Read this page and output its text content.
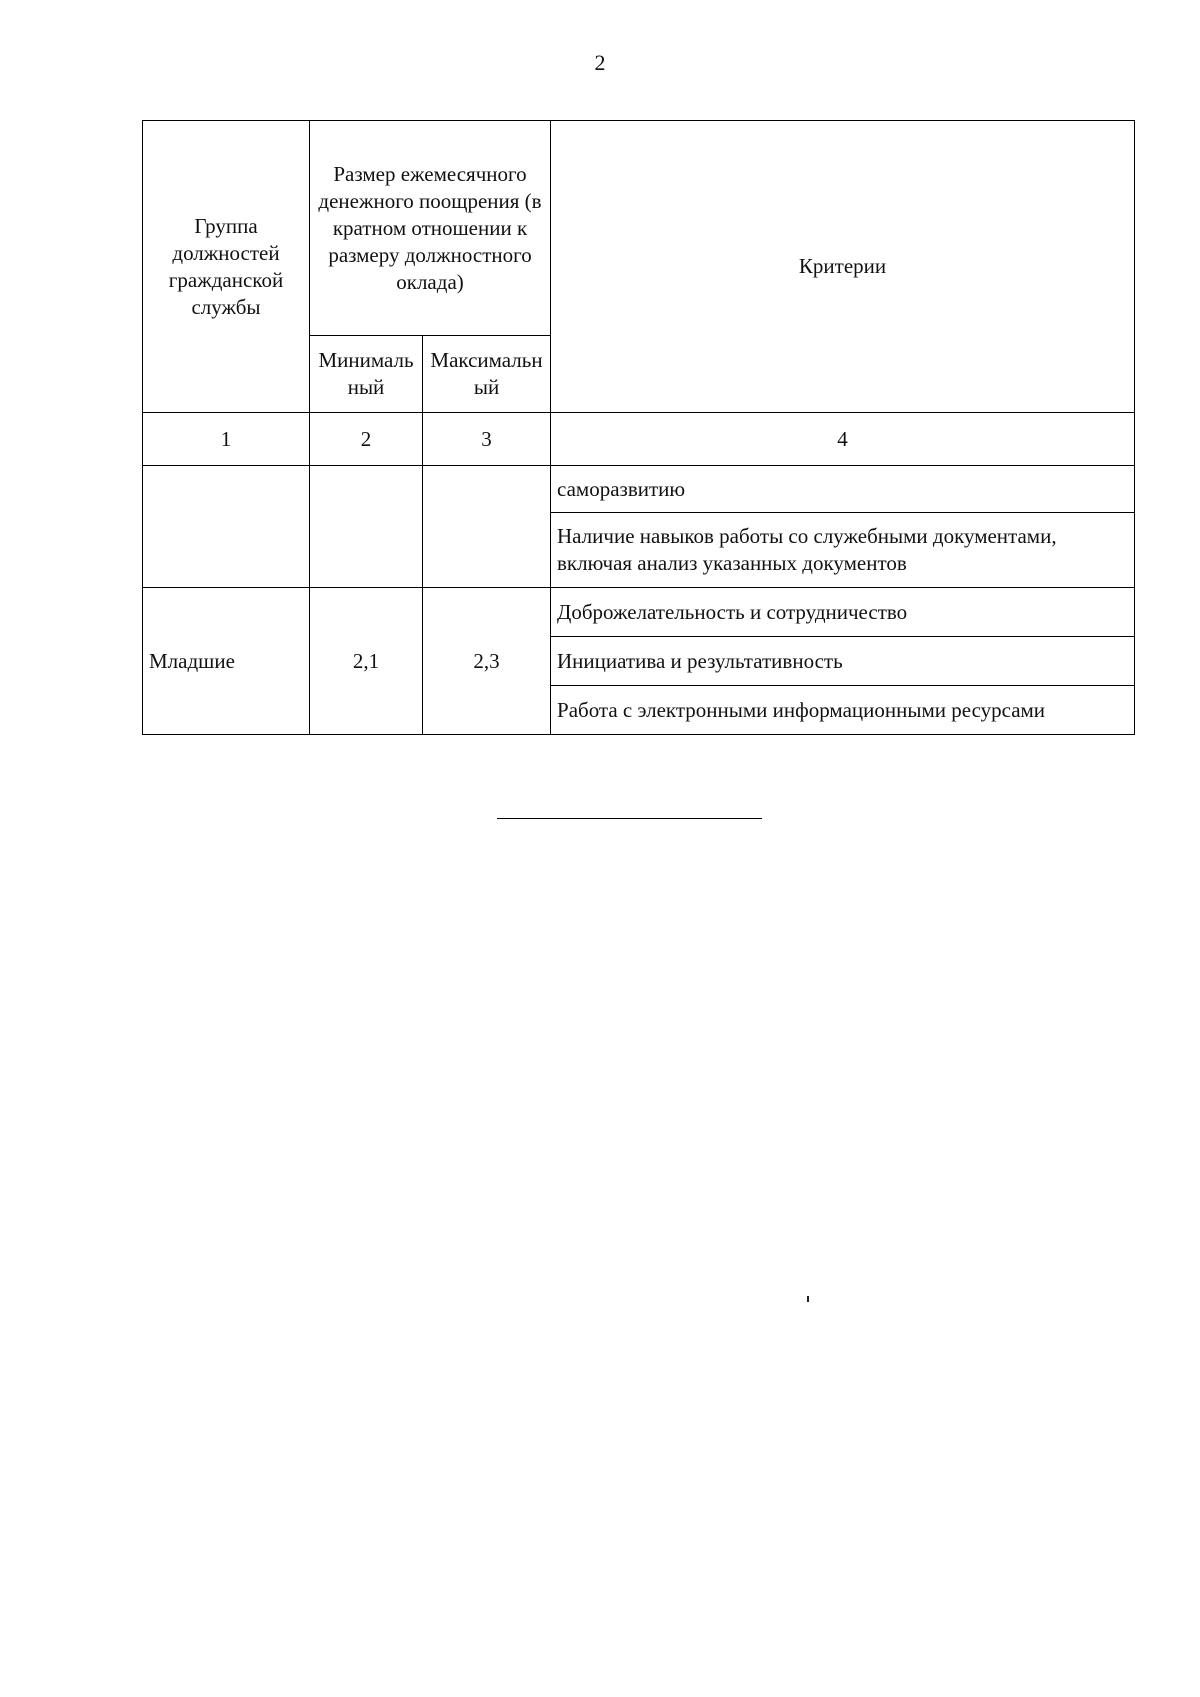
2
Группа должностей гражданской службы	Размер ежемесячного денежного поощрения (в кратном отношении к размеру должностного оклада)		Критерии
	Минимальный	Максимальный	
1	2	3	4
			саморазвитию
			Наличие навыков работы со служебными документами, включая анализ указанных документов
Младшие	2,1	2,3	Доброжелательность и сотрудничество
			Инициатива и результативность
			Работа с электронными информационными ресурсами
